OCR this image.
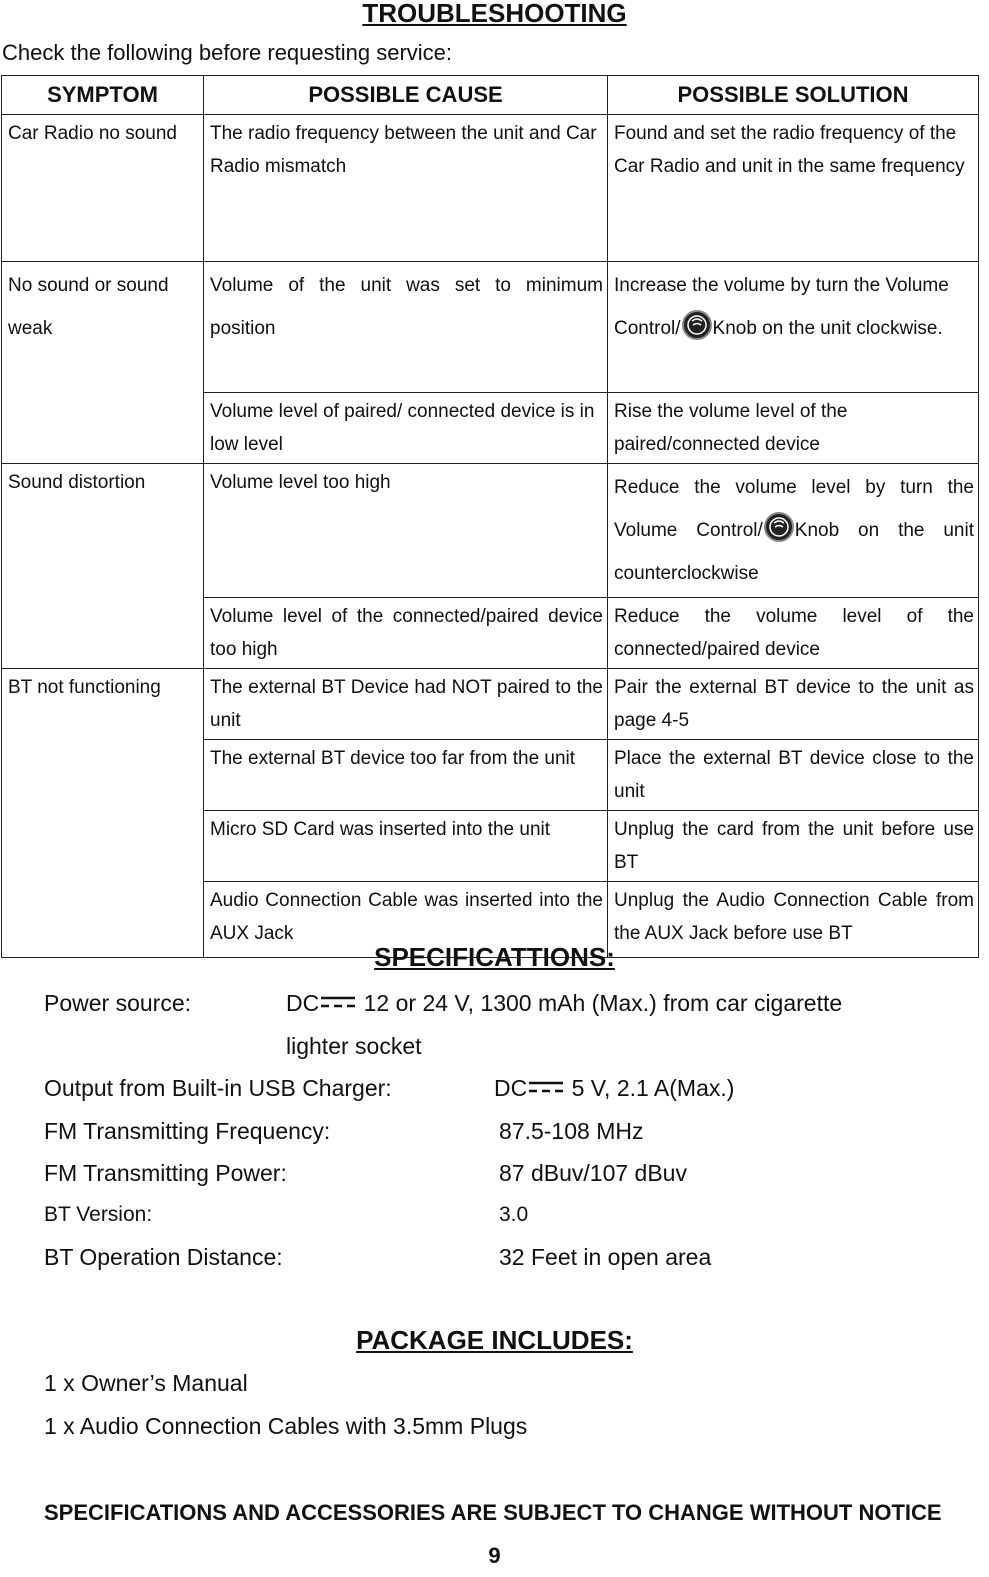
TROUBLESHOOTING

Check the following before requesting service:

SYMPTOM	POSSIBLE CAUSE	POSSIBLE SOLUTION
Car Radio no sound	The radio frequency between the unit and Car Radio mismatch	Found and set the radio frequency of the Car Radio and unit in the same frequency
No sound or sound weak	Volume of the unit was set to minimum position	Increase the volume by turn the Volume Control/ Knob on the unit clockwise.
	Volume level of paired/ connected device is in low level	Rise the volume level of the paired/connected device
Sound distortion	Volume level too high	Reduce the volume level by turn the Volume Control/ Knob on the unit counterclockwise
	Volume level of the connected/paired device too high	Reduce the volume level of the connected/paired device
BT not functioning	The external BT Device had NOT paired to the unit	Pair the external BT device to the unit as page 4-5
	The external BT device too far from the unit	Place the external BT device close to the unit
	Micro SD Card was inserted into the unit	Unplug the card from the unit before use BT
	Audio Connection Cable was inserted into the AUX Jack	Unplug the Audio Connection Cable from the AUX Jack before use BT
SPECIFICATTIONS:

Power source:	DC 12 or 24 V, 1300 mAh (Max.) from car cigarette

lighter socket

Output from Built-in USB Charger:	DC 5 V, 2.1 A(Max.)

FM Transmitting Frequency:	87.5-108 MHz

FM Transmitting Power:	87 dBuv/107 dBuv

BT Version:	3.0

BT Operation Distance:	32 Feet in open area

PACKAGE INCLUDES:

1 x Owner’s Manual

1 x Audio Connection Cables with 3.5mm Plugs

SPECIFICATIONS AND ACCESSORIES ARE SUBJECT TO CHANGE WITHOUT NOTICE

9
